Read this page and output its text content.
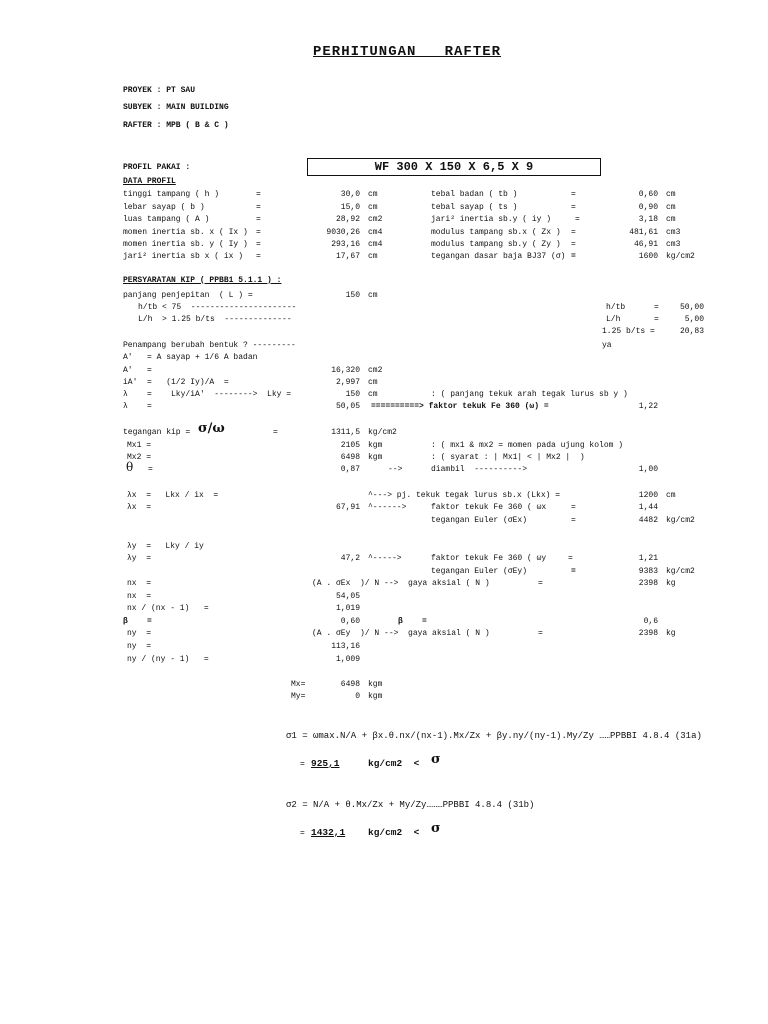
PERHITUNGAN   RAFTER
PROYEK : PT SAU
SUBYEK : MAIN BUILDING
RAFTER : MPB ( B & C )
PROFIL PAKAI :	WF 300 X 150 X 6,5 X 9
DATA PROFIL
tinggi tampang ( h )	=	30,0 cm
lebar sayap ( b )	=	15,0 cm
luas tampang ( A )	=	28,92 cm2
momen inertia sb. x ( Ix ) =	9030,26 cm4
momen inertia sb. y ( Iy ) =	293,16 cm4
jari² inertia sb x ( ix ) =	17,67 cm
tebal badan ( tb )	=	0,60 cm
tebal sayap ( ts )	=	0,90 cm
jari² inertia sb.y ( iy )	=	3,18 cm
modulus tampang sb.x ( Zx ) =	481,61 cm3
modulus tampang sb.y ( Zy ) =	46,91 cm3
tegangan dasar baja BJ37 (σ) =	1600 kg/cm2
PERSYARATAN KIP ( PPBB1 5.1.1 ) :
panjang penjepitan  ( L ) =	150 cm
h/tb < 75  ----------------------
L/h  > 1.25 b/ts  --------------
h/tb	=	50,00
L/h	=	5,00
1.25 b/ts =	20,83
Penampang berubah bentuk ? ---------	ya
A'   = A sayap + 1/6 A badan
A'   =	16,320 cm2
iA'  =   (1/2 Iy)/A  =	2,997 cm
λ    =    Lky/iA'  -------->  Lky =	150 cm	: ( panjang tekuk arah tegak lurus sb y )
λ    =	50,05 ==========> faktor tekuk Fe 360 (ω) =	1,22
tegangan kip = σ/ω	=	1311,5 kg/cm2
Mx1 =	2105 kgm	: ( mx1 & mx2 = momen pada ujung kolom )
Mx2 =	6498 kgm	: ( syarat : | Mx1| < | Mx2 |  )
θ =	0,87	-->	diambil  ---------->	1,00
λx  =   Lkx / ix  =	^---> pj. tekuk tegak lurus sb.x (Lkx) =	1200 cm
λx  =	67,91 ^------>	faktor tekuk Fe 360 ( ωx	=	1,44
tegangan Euler (σEx)	=	4482 kg/cm2
λy  =   Lky / iy
λy  =	47,2 ^----->	faktor tekuk Fe 360 ( ωy	=	1,21
tegangan Euler (σEy)	=	9383 kg/cm2
nx  =	(A . σEx  )/ N -->  gaya aksial ( N )	=	2398 kg
nx  =	54,05
nx / (nx - 1)   =	1,019
β    =	0,60	β    =	0,6
ny  =	(A . σEy  )/ N -->  gaya aksial ( N )	=	2398 kg
ny  =	113,16
ny / (ny - 1)   =	1,009
Mx=	6498 kgm
My=	0 kgm
σ1 = ωmax.N/A + βx.θ.nx/(nx-1).Mx/Zx + βy.ny/(ny-1).My/Zy ……PPBBI 4.8.4 (31a)
= 925,1	kg/cm2  < σ
σ2 = N/A + θ.Mx/Zx + My/Zy………PPBBI 4.8.4 (31b)
= 1432,1 kg/cm2  < σ
